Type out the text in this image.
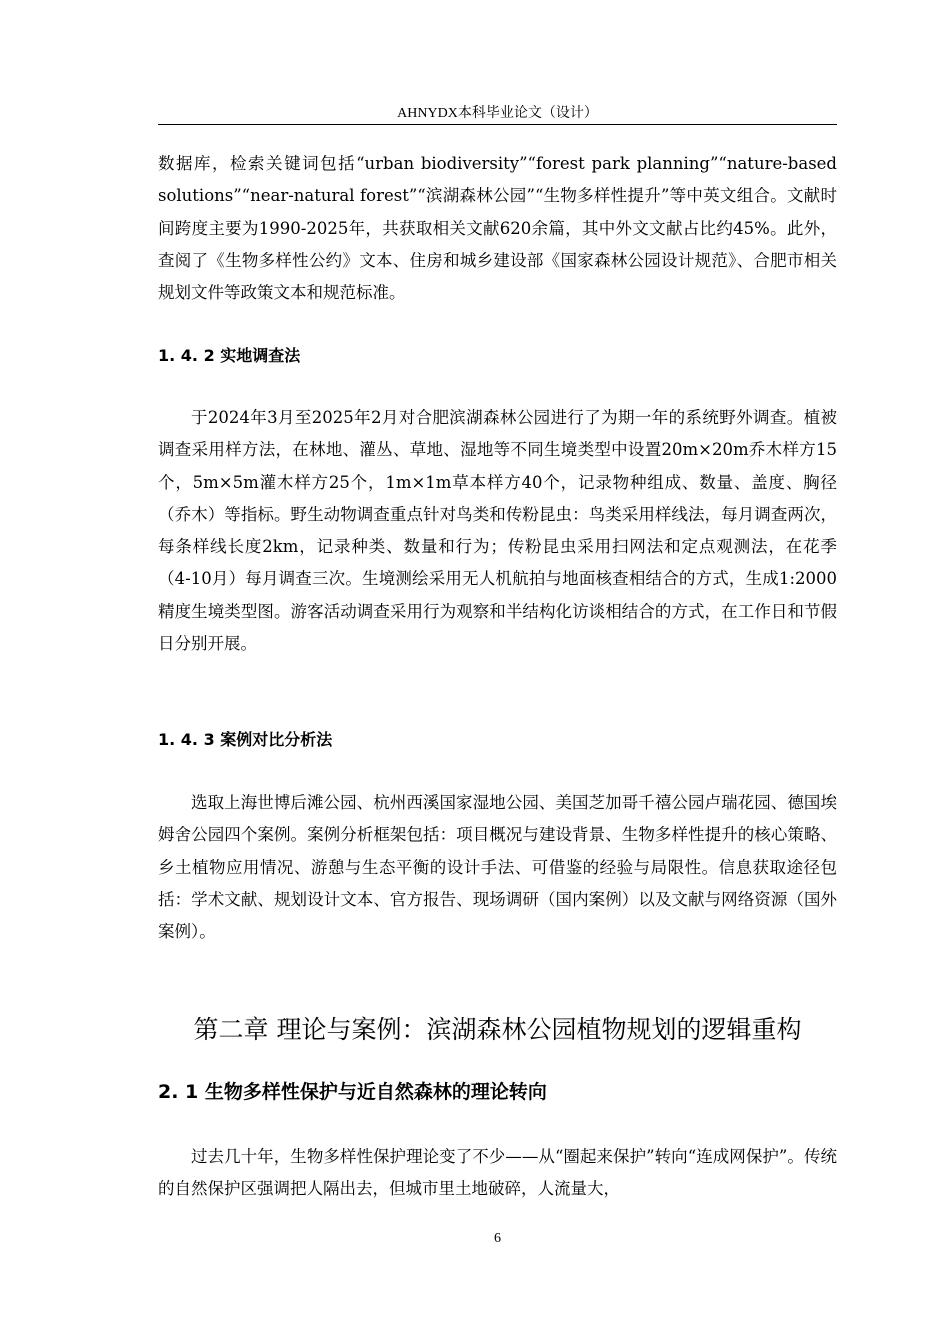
AHNYDX本科毕业论文（设计）

数据库，检索关键词包括“urban biodiversity”“forest park planning”“nature-based solutions”“near-natural forest”“滨湖森林公园”“生物多样性提升”等中英文组合。文献时间跨度主要为1990-2025年，共获取相关文献620余篇，其中外文文献占比约45%。此外，查阅了《生物多样性公约》文本、住房和城乡建设部《国家森林公园设计规范》、合肥市相关规划文件等政策文本和规范标准。

1. 4. 2 实地调查法

于2024年3月至2025年2月对合肥滨湖森林公园进行了为期一年的系统野外调查。植被调查采用样方法，在林地、灌丛、草地、湿地等不同生境类型中设置20m×20m乔木样方15个，5m×5m灌木样方25个，1m×1m草本样方40个，记录物种组成、数量、盖度、胸径（乔木）等指标。野生动物调查重点针对鸟类和传粉昆虫：鸟类采用样线法，每月调查两次，每条样线长度2km，记录种类、数量和行为；传粉昆虫采用扫网法和定点观测法，在花季（4-10月）每月调查三次。生境测绘采用无人机航拍与地面核查相结合的方式，生成1:2000精度生境类型图。游客活动调查采用行为观察和半结构化访谈相结合的方式，在工作日和节假日分别开展。

1. 4. 3 案例对比分析法

选取上海世博后滩公园、杭州西溪国家湿地公园、美国芝加哥千禧公园卢瑞花园、德国埃姆舍公园四个案例。案例分析框架包括：项目概况与建设背景、生物多样性提升的核心策略、乡土植物应用情况、游憩与生态平衡的设计手法、可借鉴的经验与局限性。信息获取途径包括：学术文献、规划设计文本、官方报告、现场调研（国内案例）以及文献与网络资源（国外案例）。

第二章 理论与案例：滨湖森林公园植物规划的逻辑重构
2. 1 生物多样性保护与近自然森林的理论转向

过去几十年，生物多样性保护理论变了不少——从“圈起来保护”转向“连成网保护”。传统的自然保护区强调把人隔出去，但城市里土地破碎，人流量大，

6
